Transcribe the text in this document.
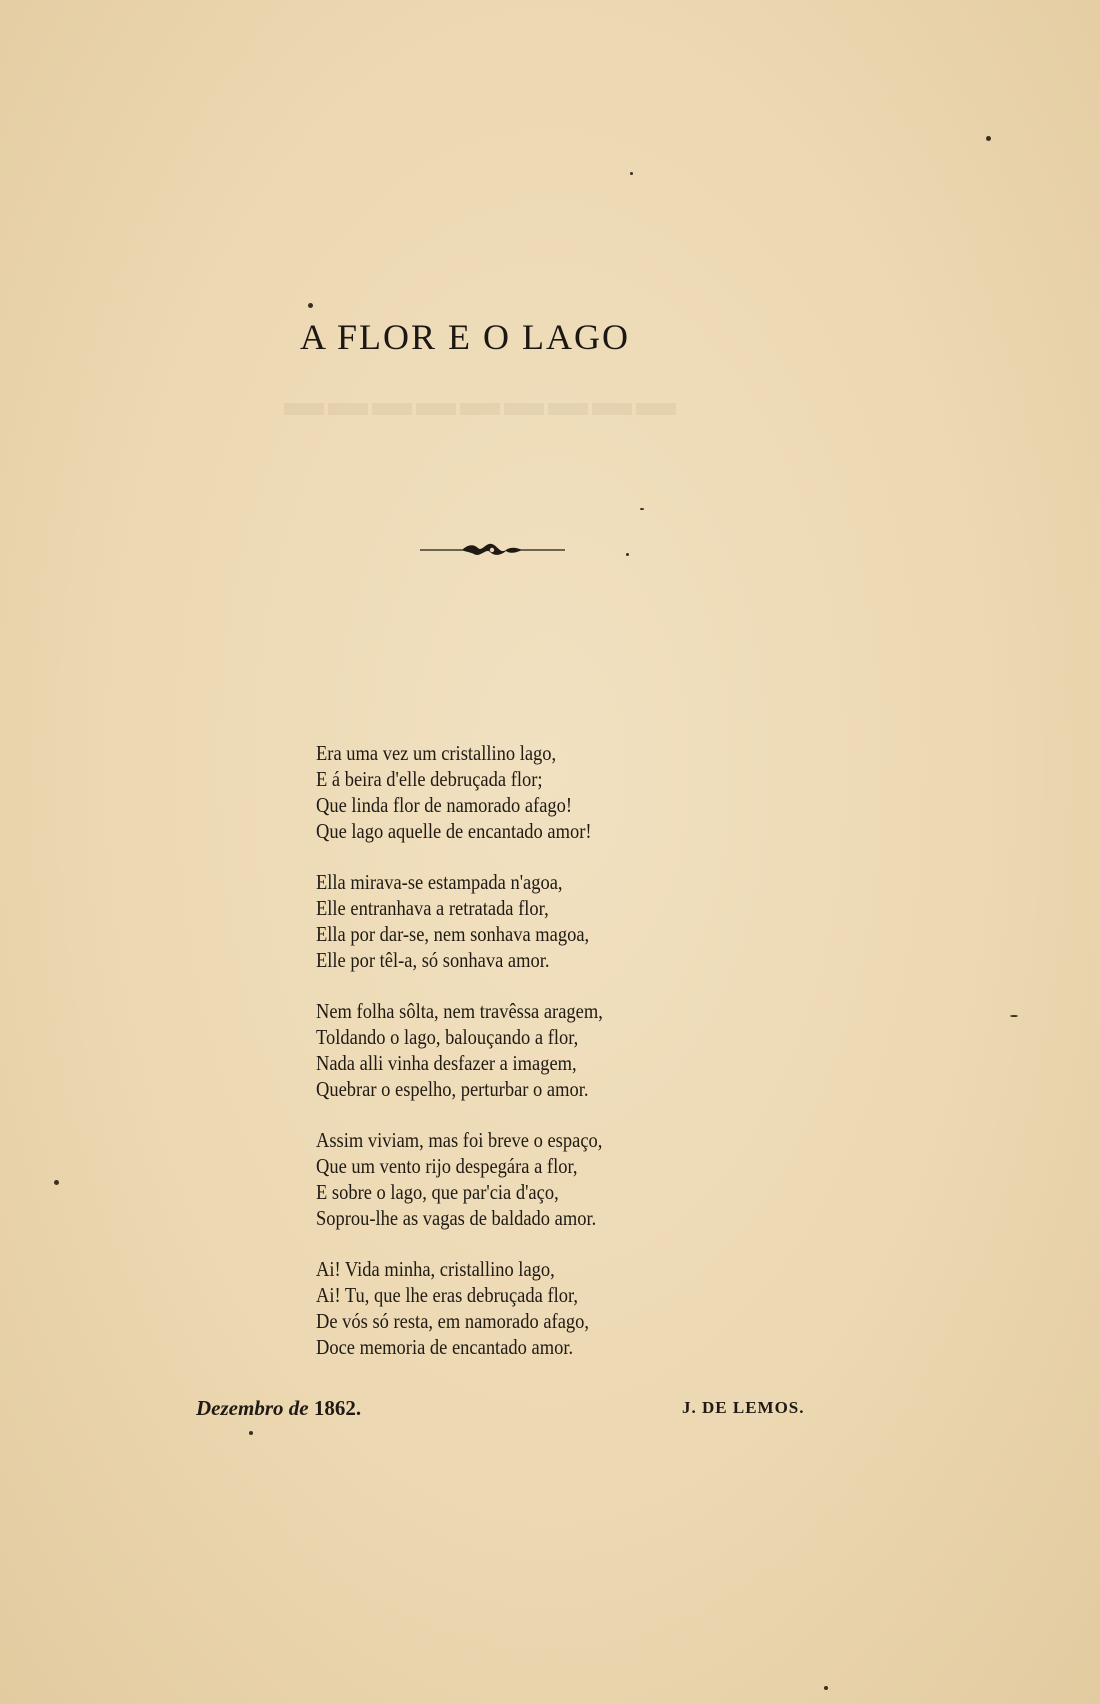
▬▬▬▬▬▬▬▬▬
A FLOR E O LAGO
Era uma vez um cristallino lago,
E á beira d'elle debruçada flor;
Que linda flor de namorado afago!
Que lago aquelle de encantado amor!
Ella mirava-se estampada n'agoa,
Elle entranhava a retratada flor,
Ella por dar-se, nem sonhava magoa,
Elle por têl-a, só sonhava amor.
Nem folha sôlta, nem travêssa aragem,
Toldando o lago, balouçando a flor,
Nada alli vinha desfazer a imagem,
Quebrar o espelho, perturbar o amor.
Assim viviam, mas foi breve o espaço,
Que um vento rijo despegára a flor,
E sobre o lago, que par'cia d'aço,
Soprou-lhe as vagas de baldado amor.
Ai! Vida minha, cristallino lago,
Ai! Tu, que lhe eras debruçada flor,
De vós só resta, em namorado afago,
Doce memoria de encantado amor.
Dezembro de 1862.	J. DE LEMOS.
